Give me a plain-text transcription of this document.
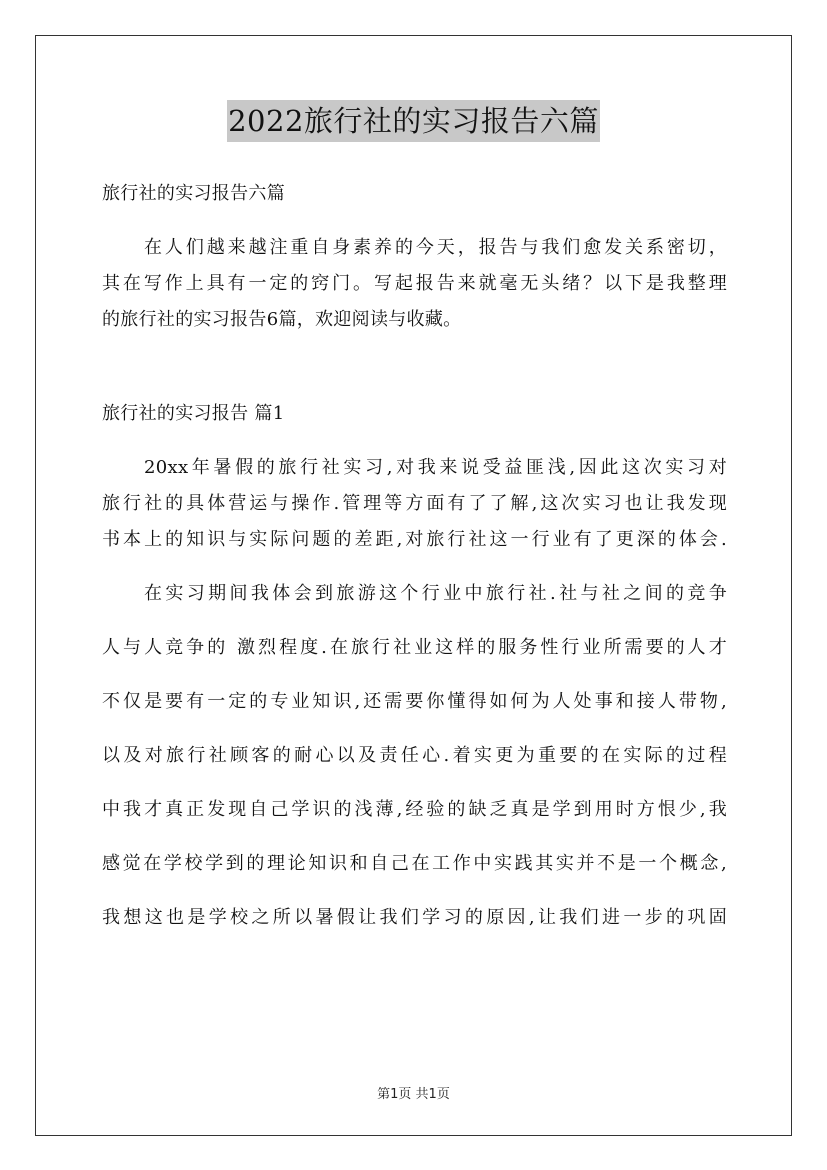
2022旅行社的实习报告六篇
旅行社的实习报告六篇
在人们越来越注重自身素养的今天，报告与我们愈发关系密切，
其在写作上具有一定的窍门。写起报告来就毫无头绪？以下是我整理
的旅行社的实习报告6篇，欢迎阅读与收藏。
旅行社的实习报告 篇1
20xx年暑假的旅行社实习,对我来说受益匪浅,因此这次实习对
旅行社的具体营运与操作.管理等方面有了了解,这次实习也让我发现
书本上的知识与实际问题的差距,对旅行社这一行业有了更深的体会.
在实习期间我体会到旅游这个行业中旅行社.社与社之间的竞争
人与人竞争的 激烈程度.在旅行社业这样的服务性行业所需要的人才
不仅是要有一定的专业知识,还需要你懂得如何为人处事和接人带物,
以及对旅行社顾客的耐心以及责任心.着实更为重要的在实际的过程
中我才真正发现自己学识的浅薄,经验的缺乏真是学到用时方恨少,我
感觉在学校学到的理论知识和自己在工作中实践其实并不是一个概念,
我想这也是学校之所以暑假让我们学习的原因,让我们进一步的巩固
第1页 共1页
